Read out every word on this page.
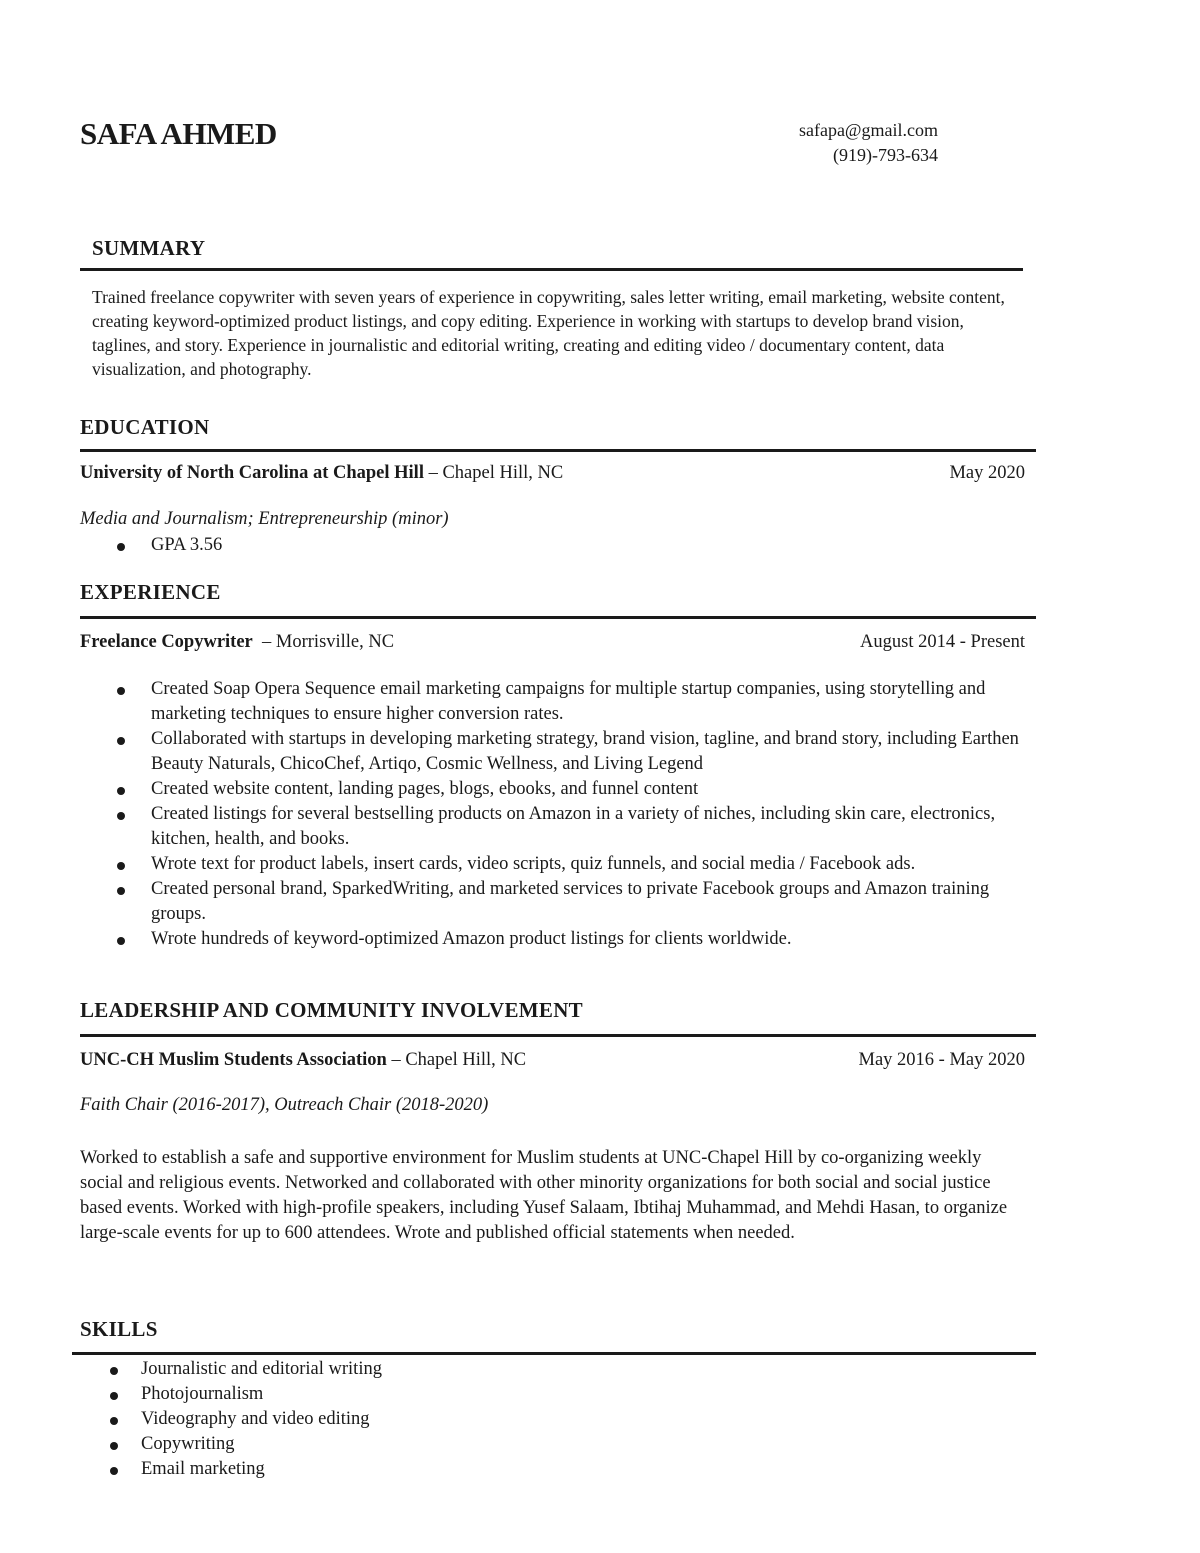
SAFA AHMED	safapa@gmail.com
(919)-793-634
SUMMARY
Trained freelance copywriter with seven years of experience in copywriting, sales letter writing, email marketing, website content, creating keyword-optimized product listings, and copy editing. Experience in working with startups to develop brand vision, taglines, and story. Experience in journalistic and editorial writing, creating and editing video / documentary content, data visualization, and photography.
EDUCATION
University of North Carolina at Chapel Hill – Chapel Hill, NC	May 2020
Media and Journalism; Entrepreneurship (minor)
GPA 3.56
EXPERIENCE
Freelance Copywriter  – Morrisville, NC	August 2014 - Present
Created Soap Opera Sequence email marketing campaigns for multiple startup companies, using storytelling and marketing techniques to ensure higher conversion rates.
Collaborated with startups in developing marketing strategy, brand vision, tagline, and brand story, including Earthen Beauty Naturals, ChicoChef, Artiqo, Cosmic Wellness, and Living Legend
Created website content, landing pages, blogs, ebooks, and funnel content
Created listings for several bestselling products on Amazon in a variety of niches, including skin care, electronics, kitchen, health, and books.
Wrote text for product labels, insert cards, video scripts, quiz funnels, and social media / Facebook ads.
Created personal brand, SparkedWriting, and marketed services to private Facebook groups and Amazon training groups.
Wrote hundreds of keyword-optimized Amazon product listings for clients worldwide.
LEADERSHIP AND COMMUNITY INVOLVEMENT
UNC-CH Muslim Students Association – Chapel Hill, NC	May 2016 - May 2020
Faith Chair (2016-2017), Outreach Chair (2018-2020)
Worked to establish a safe and supportive environment for Muslim students at UNC-Chapel Hill by co-organizing weekly social and religious events. Networked and collaborated with other minority organizations for both social and social justice based events. Worked with high-profile speakers, including Yusef Salaam, Ibtihaj Muhammad, and Mehdi Hasan, to organize large-scale events for up to 600 attendees. Wrote and published official statements when needed.
SKILLS
Journalistic and editorial writing
Photojournalism
Videography and video editing
Copywriting
Email marketing
